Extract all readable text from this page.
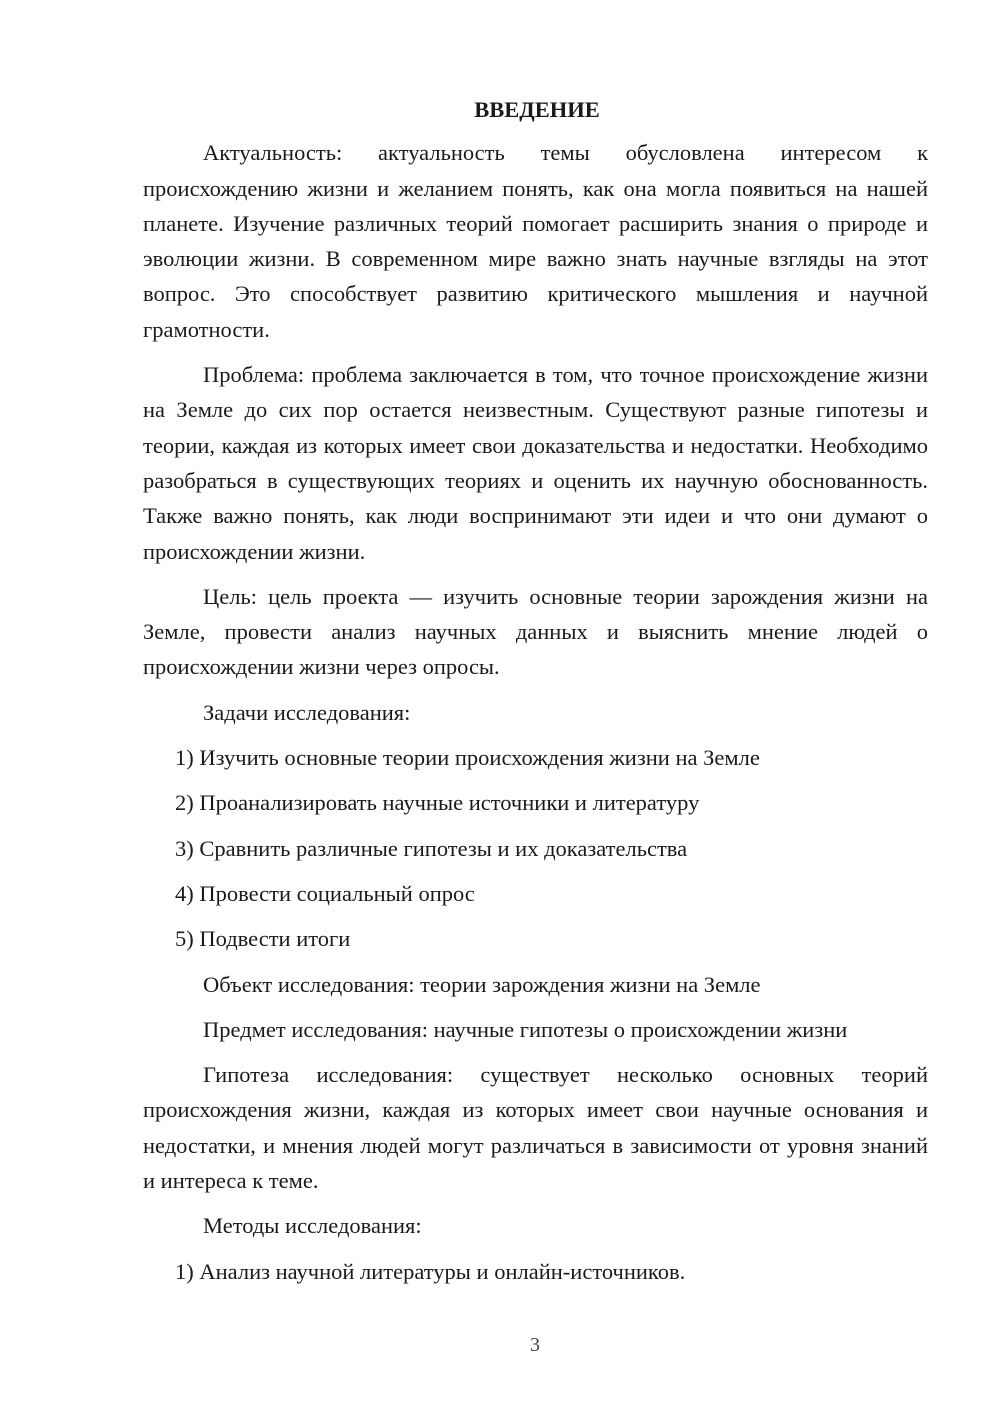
ВВЕДЕНИЕ

Актуальность: актуальность темы обусловлена интересом к происхождению жизни и желанием понять, как она могла появиться на нашей планете. Изучение различных теорий помогает расширить знания о природе и эволюции жизни. В современном мире важно знать научные взгляды на этот вопрос. Это способствует развитию критического мышления и научной грамотности.

Проблема: проблема заключается в том, что точное происхождение жизни на Земле до сих пор остается неизвестным. Существуют разные гипотезы и теории, каждая из которых имеет свои доказательства и недостатки. Необходимо разобраться в существующих теориях и оценить их научную обоснованность. Также важно понять, как люди воспринимают эти идеи и что они думают о происхождении жизни.

Цель: цель проекта — изучить основные теории зарождения жизни на Земле, провести анализ научных данных и выяснить мнение людей о происхождении жизни через опросы.

Задачи исследования:

1) Изучить основные теории происхождения жизни на Земле

2) Проанализировать научные источники и литературу

3) Сравнить различные гипотезы и их доказательства

4) Провести социальный опрос

5) Подвести итоги

Объект исследования: теории зарождения жизни на Земле

Предмет исследования: научные гипотезы о происхождении жизни

Гипотеза исследования: существует несколько основных теорий происхождения жизни, каждая из которых имеет свои научные основания и недостатки, и мнения людей могут различаться в зависимости от уровня знаний и интереса к теме.

Методы исследования:

1) Анализ научной литературы и онлайн-источников.

3
